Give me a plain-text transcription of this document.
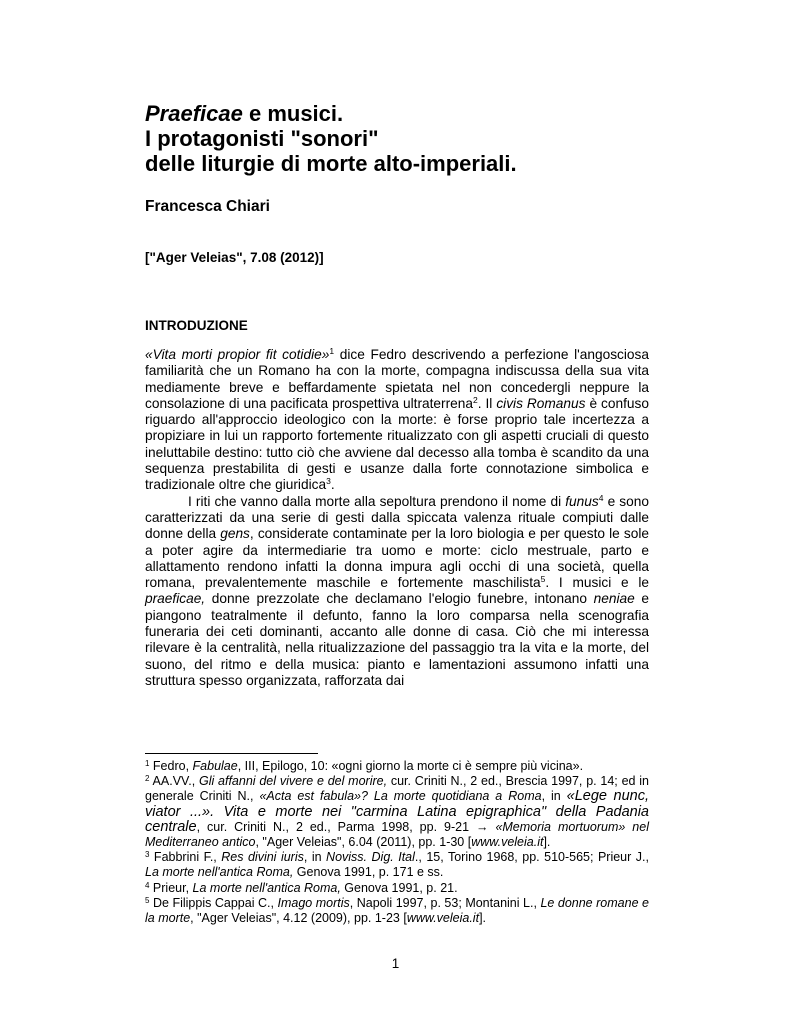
Praeficae e musici.
I protagonisti "sonori"
delle liturgie di morte alto-imperiali.

Francesca Chiari

["Ager Veleias", 7.08 (2012)]

INTRODUZIONE

«Vita morti propior fit cotidie»$^1$ dice Fedro descrivendo a perfezione l'angosciosa familiarità che un Romano ha con la morte, compagna indiscussa della sua vita mediamente breve e beffardamente spietata nel non concedergli neppure la consolazione di una pacificata prospettiva ultraterrena$^2$. Il civis Romanus è confuso riguardo all'approccio ideologico con la morte: è forse proprio tale incertezza a propiziare in lui un rapporto fortemente ritualizzato con gli aspetti cruciali di questo ineluttabile destino: tutto ciò che avviene dal decesso alla tomba è scandito da una sequenza prestabilita di gesti e usanze dalla forte connotazione simbolica e tradizionale oltre che giuridica$^3$.

I riti che vanno dalla morte alla sepoltura prendono il nome di funus$^4$ e sono caratterizzati da una serie di gesti dalla spiccata valenza rituale compiuti dalle donne della gens, considerate contaminate per la loro biologia e per questo le sole a poter agire da intermediarie tra uomo e morte: ciclo mestruale, parto e allattamento rendono infatti la donna impura agli occhi di una società, quella romana, prevalentemente maschile e fortemente maschilista$^5$. I musici e le praeficae, donne prezzolate che declamano l'elogio funebre, intonano neniae e piangono teatralmente il defunto, fanno la loro comparsa nella scenografia funeraria dei ceti dominanti, accanto alle donne di casa. Ciò che mi interessa rilevare è la centralità, nella ritualizzazione del passaggio tra la vita e la morte, del suono, del ritmo e della musica: pianto e lamentazioni assumono infatti una struttura spesso organizzata, rafforzata dai

$^1$ Fedro, Fabulae, III, Epilogo, 10: «ogni giorno la morte ci è sempre più vicina».

$^2$ AA.VV., Gli affanni del vivere e del morire, cur. Criniti N., 2 ed., Brescia 1997, p. 14; ed in generale Criniti N., «Acta est fabula»? La morte quotidiana a Roma, in «Lege nunc, viator ...». Vita e morte nei "carmina Latina epigraphica" della Padania centrale, cur. Criniti N., 2 ed., Parma 1998, pp. 9-21 → «Memoria mortuorum» nel Mediterraneo antico, "Ager Veleias", 6.04 (2011), pp. 1-30 [www.veleia.it].

$^3$ Fabbrini F., Res divini iuris, in Noviss. Dig. Ital., 15, Torino 1968, pp. 510-565; Prieur J., La morte nell'antica Roma, Genova 1991, p. 171 e ss.

$^4$ Prieur, La morte nell'antica Roma, Genova 1991, p. 21.

$^5$ De Filippis Cappai C., Imago mortis, Napoli 1997, p. 53; Montanini L., Le donne romane e la morte, "Ager Veleias", 4.12 (2009), pp. 1-23 [www.veleia.it].

1
